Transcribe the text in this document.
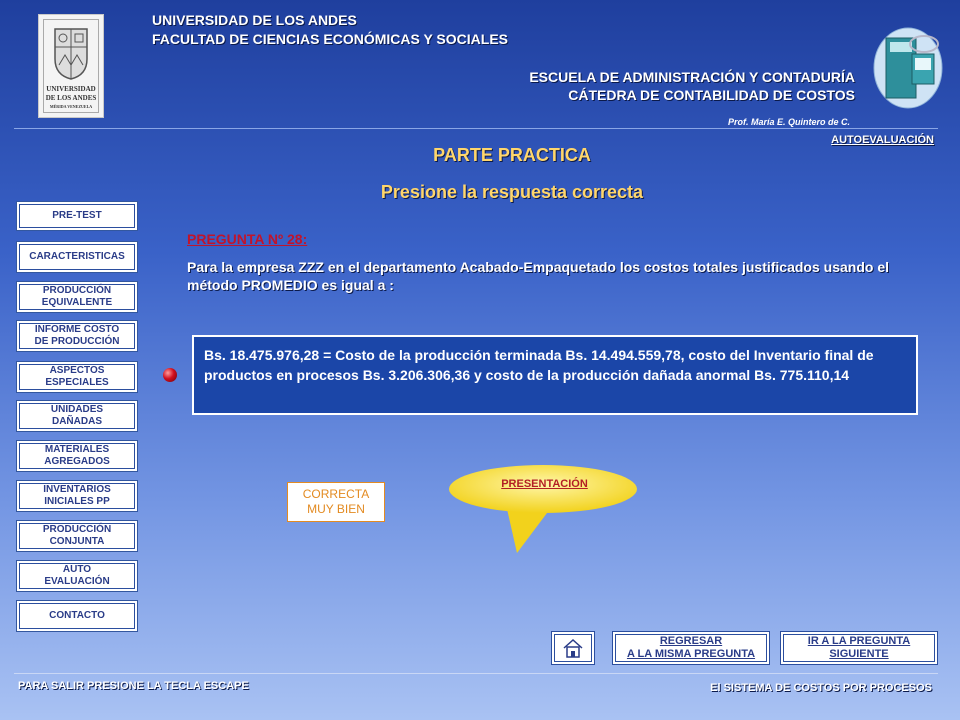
UNIVERSIDAD
DE LOS ANDES
MÉRIDA VENEZUELA
UNIVERSIDAD DE LOS ANDES
FACULTAD DE CIENCIAS ECONÓMICAS Y SOCIALES
ESCUELA DE ADMINISTRACIÓN Y CONTADURÍA
CÁTEDRA DE CONTABILIDAD DE COSTOS
Prof. María E. Quintero de C.
AUTOEVALUACIÓN
PARTE PRACTICA
Presione la respuesta correcta
PRE-TEST
CARACTERISTICAS
PRODUCCIÓN
EQUIVALENTE
INFORME COSTO
DE PRODUCCIÓN
ASPECTOS
ESPECIALES
UNIDADES
DAÑADAS
MATERIALES
AGREGADOS
INVENTARIOS
INICIALES PP
PRODUCCIÓN
CONJUNTA
AUTO
EVALUACIÓN
CONTACTO
PREGUNTA Nº 28:
Para la empresa ZZZ en el departamento Acabado-Empaquetado los costos totales justificados usando el método PROMEDIO es igual a :
Bs. 18.475.976,28 = Costo de la producción terminada Bs. 14.494.559,78, costo del Inventario final de productos en procesos Bs. 3.206.306,36 y costo de la producción dañada anormal Bs. 775.110,14
CORRECTA
MUY BIEN
PRESENTACIÓN
REGRESAR
A LA MISMA PREGUNTA
IR A LA PREGUNTA
SIGUIENTE
PARA SALIR PRESIONE LA TECLA ESCAPE	El SISTEMA DE COSTOS POR PROCESOS
